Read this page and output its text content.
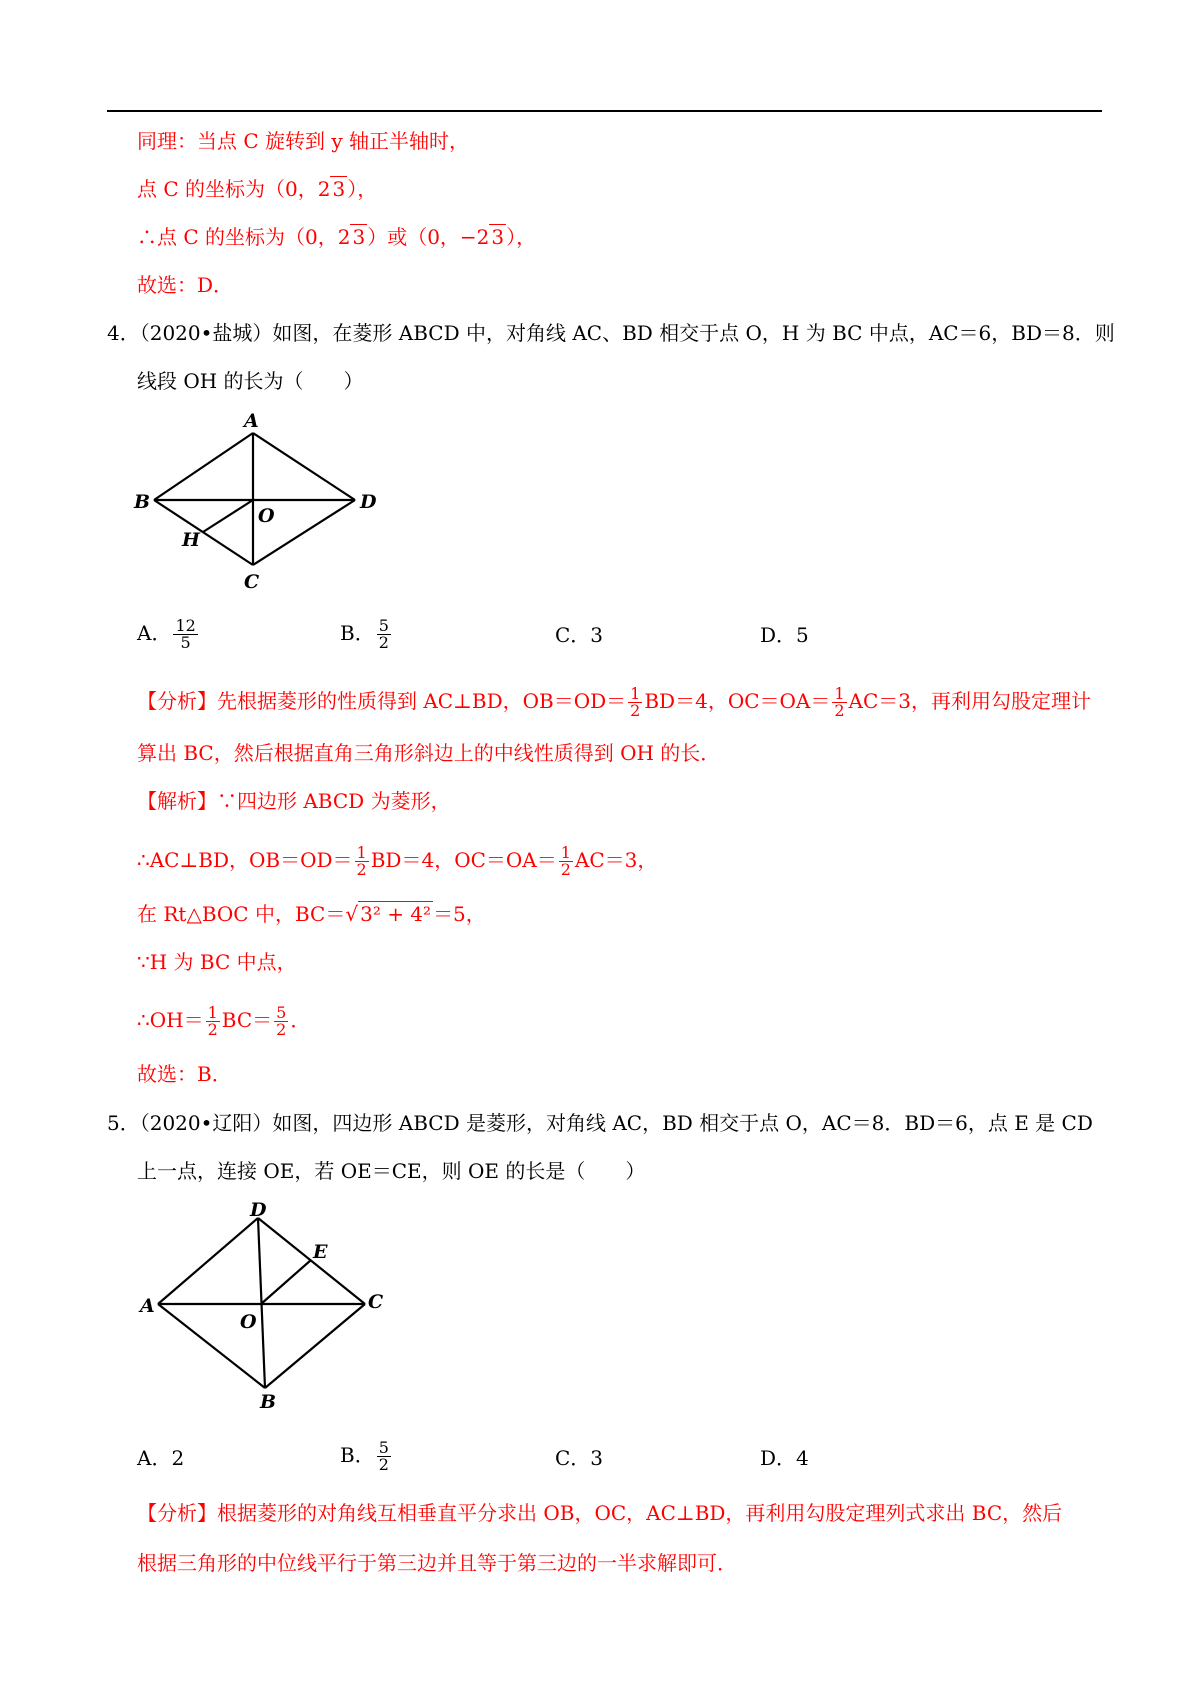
同理：当点 C 旋转到 y 轴正半轴时，
点 C 的坐标为（0，2 3 ），
∴点 C 的坐标为（0，2 3 ）或（0，−2 3 ），
故选：D．
4．（2020•盐城）如图，在菱形 ABCD 中，对角线 AC、BD 相交于点 O，H 为 BC 中点，AC＝6，BD＝8．则
线段 OH 的长为（　　）
A
B	D
O
H
C
A． $\frac{12}{5}$	B． $\frac{5}{2}$	C．3	D．5
【分析】先根据菱形的性质得到 AC⊥BD，$OB=OD= \frac{1}{2} BD=4$，$OC=OA= \frac{1}{2} AC=3$，再利用勾股定理计
算出 BC，然后根据直角三角形斜边上的中线性质得到 OH 的长．
【解析】∵四边形 ABCD 为菱形，
∴AC⊥BD，$OB=OD= \frac{1}{2} BD=4$，$OC=OA= \frac{1}{2} AC=3$，
在 Rt△BOC 中，BC＝√ 3² + 4² ＝5，
∵H 为 BC 中点，
∴OH＝ $\frac{1}{2} BC= \frac{5}{2}$ ．
故选：B．
5．（2020•辽阳）如图，四边形 ABCD 是菱形，对角线 AC，BD 相交于点 O，AC＝8．BD＝6，点 E 是 CD
上一点，连接 OE，若 OE＝CE，则 OE 的长是（　　）
D
E
A	C
O
B
A．2	B． $\frac{5}{2}$	C．3	D．4
【分析】根据菱形的对角线互相垂直平分求出 OB，OC，AC⊥BD，再利用勾股定理列式求出 BC，然后
根据三角形的中位线平行于第三边并且等于第三边的一半求解即可．
